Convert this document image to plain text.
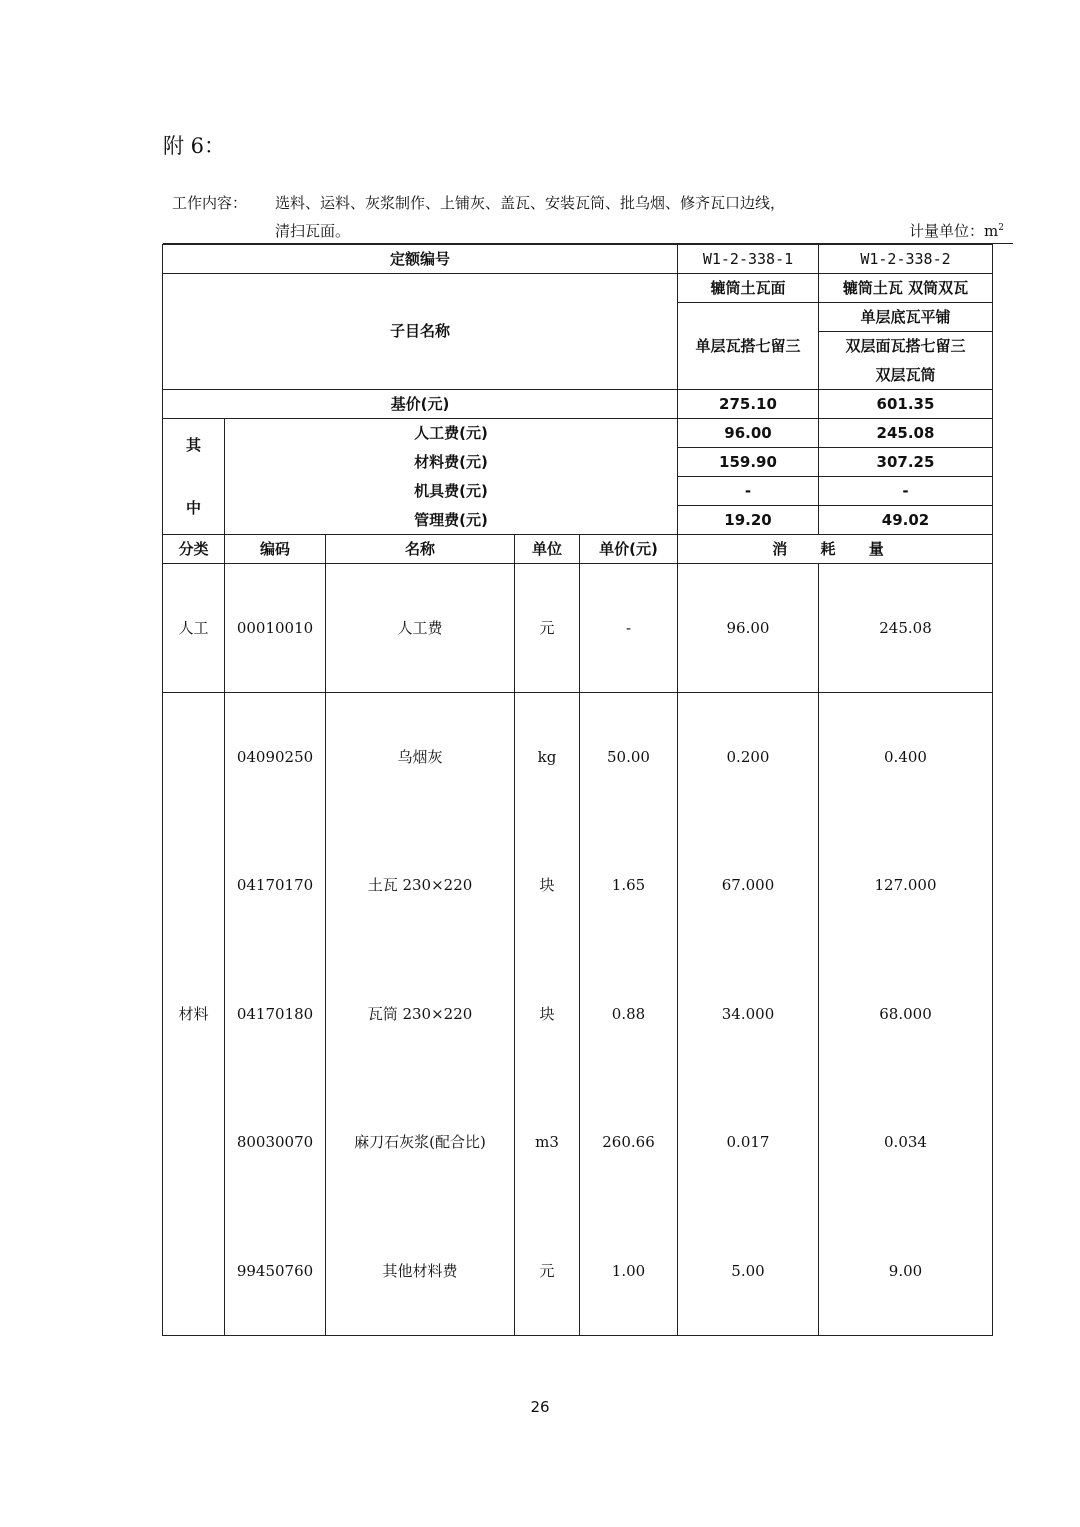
附 6：
工作内容： 选料、运料、灰浆制作、上铺灰、盖瓦、安装瓦筒、批乌烟、修齐瓦口边线，
清扫瓦面。	计量单位：$m^2$
定额编号					W1-2-338-1	W1-2-338-2
子目名称					辘筒土瓦面	辘筒土瓦 双筒双瓦
					单层瓦搭七留三	单层底瓦平铺
						双层面瓦搭七留三
						双层瓦筒
基价(元)					275.10	601.35
其	人工费(元)				96.00	245.08
	材料费(元)				159.90	307.25
中	机具费(元)				-	-
	管理费(元)				19.20	49.02
分类	编码	名称	单位	单价(元)	消 耗 量	
人工	00010010	人工费	元	-	96.00	245.08
材料	04090250	乌烟灰	kg	50.00	0.200	0.400
	04170170	土瓦 230×220	块	1.65	67.000	127.000
	04170180	瓦筒 230×220	块	0.88	34.000	68.000
	80030070	麻刀石灰浆(配合比)	m3	260.66	0.017	0.034
	99450760	其他材料费	元	1.00	5.00	9.00
26
